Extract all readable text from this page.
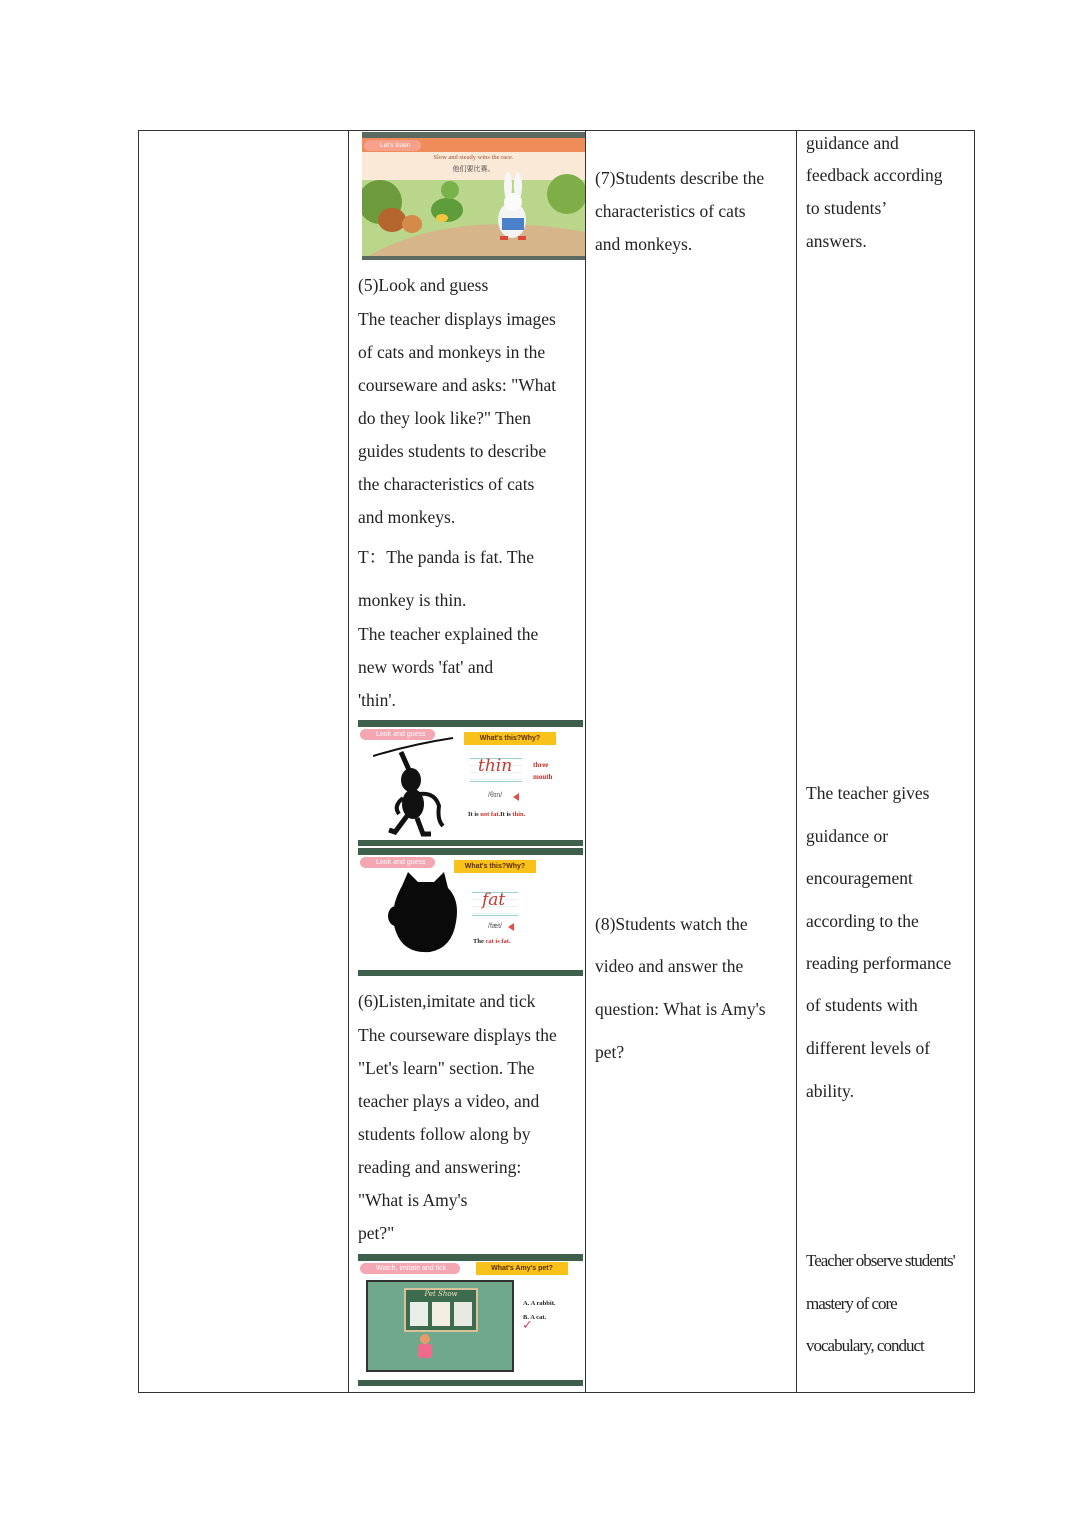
Let's listen
Slow and steady wins the race.
他们要比赛。
(5)Look and guess
The teacher displays images
of cats and monkeys in the
courseware and asks: "What
do they look like?" Then
guides students to describe
the characteristics of cats
and monkeys.
T：The panda is fat. The
monkey is thin.
The teacher explained the
new words 'fat' and
'thin'.
Look and guess
What's this?Why?
thin	three
mouth
/θɪn/
It is not fat.It is thin.
Look and guess
What's this?Why?
fat
/fæt/
The cat is fat.
(6)Listen,imitate and tick
The courseware displays the
"Let's learn" section. The
teacher plays a video, and
students follow along by
reading and answering:
"What is Amy's
pet?"
Watch, imitate and tick	What's Amy's pet?
Pet Show
A. A rabbit.
B. A cat.
✓
(7)Students describe the
characteristics of cats
and monkeys.
(8)Students watch the
video and answer the
question: What is Amy's
pet?
guidance and
feedback according
to students’
answers.
The teacher gives
guidance or
encouragement
according to the
reading performance
of students with
different levels of
ability.
Teacher observe students'
mastery of core
vocabulary, conduct
